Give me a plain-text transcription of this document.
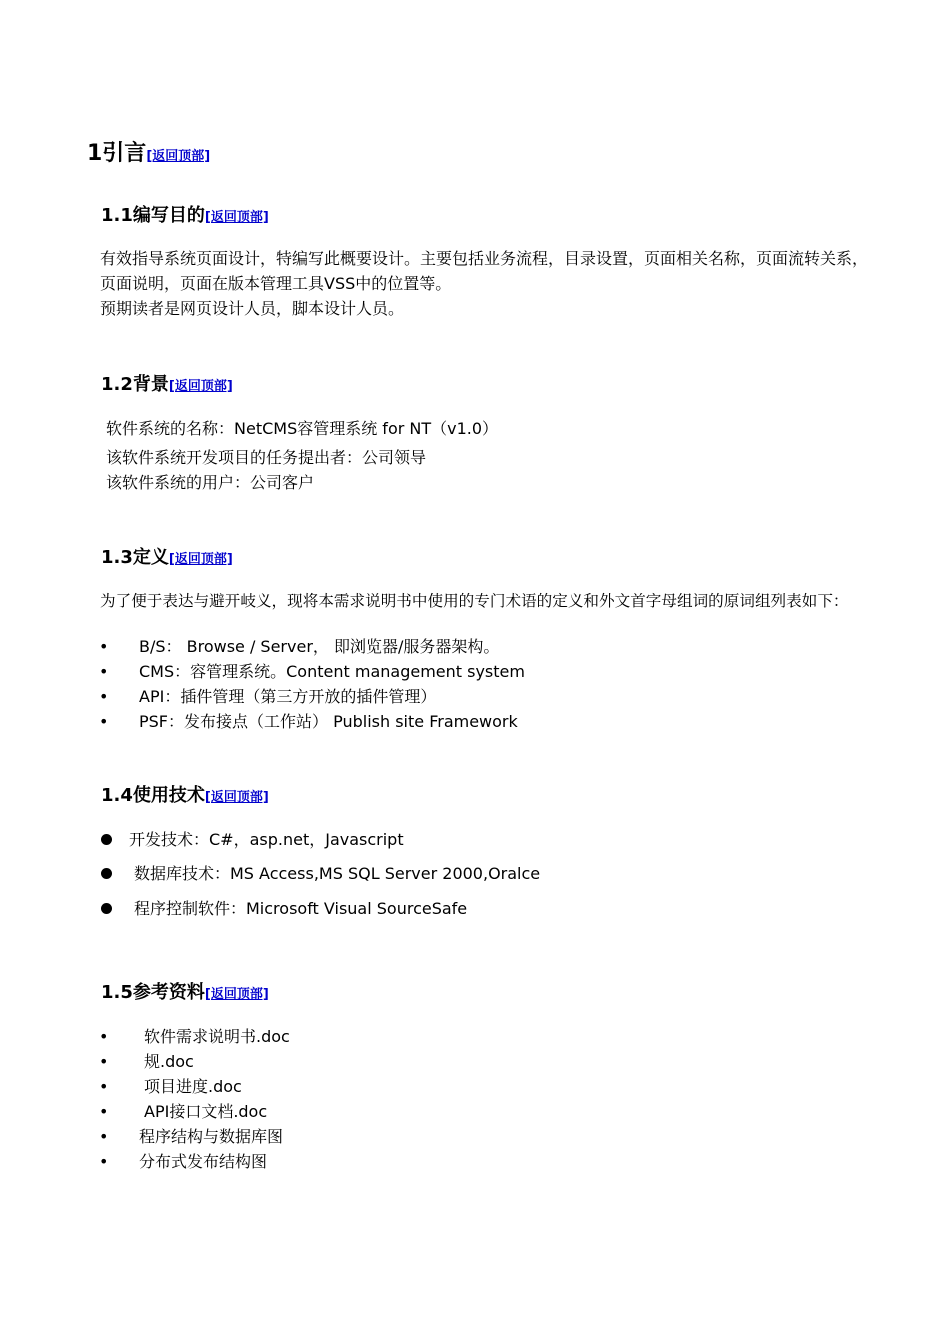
1引言[返回顶部]
1.1编写目的[返回顶部]
有效指导系统页面设计，特编写此概要设计。主要包括业务流程，目录设置，页面相关名称，页面流转关系，
页面说明，页面在版本管理工具VSS中的位置等。
预期读者是网页设计人员，脚本设计人员。
1.2背景[返回顶部]
软件系统的名称：NetCMS容管理系统 for NT（v1.0）
该软件系统开发项目的任务提出者：公司领导
该软件系统的用户：公司客户
1.3定义[返回顶部]
为了便于表达与避开岐义，现将本需求说明书中使用的专门术语的定义和外文首字母组词的原词组列表如下：
• B/S： Browse / Server， 即浏览器/服务器架构。
• CMS：容管理系统。Content management system
• API：插件管理（第三方开放的插件管理）
• PSF：发布接点（工作站） Publish site Framework
1.4使用技术[返回顶部]
开发技术：C#，asp.net，Javascript
数据库技术：MS Access,MS SQL Server 2000,Oralce
程序控制软件：Microsoft Visual SourceSafe
1.5参考资料[返回顶部]
• 软件需求说明书.doc
• 规.doc
• 项目进度.doc
• API接口文档.doc
• 程序结构与数据库图
• 分布式发布结构图
